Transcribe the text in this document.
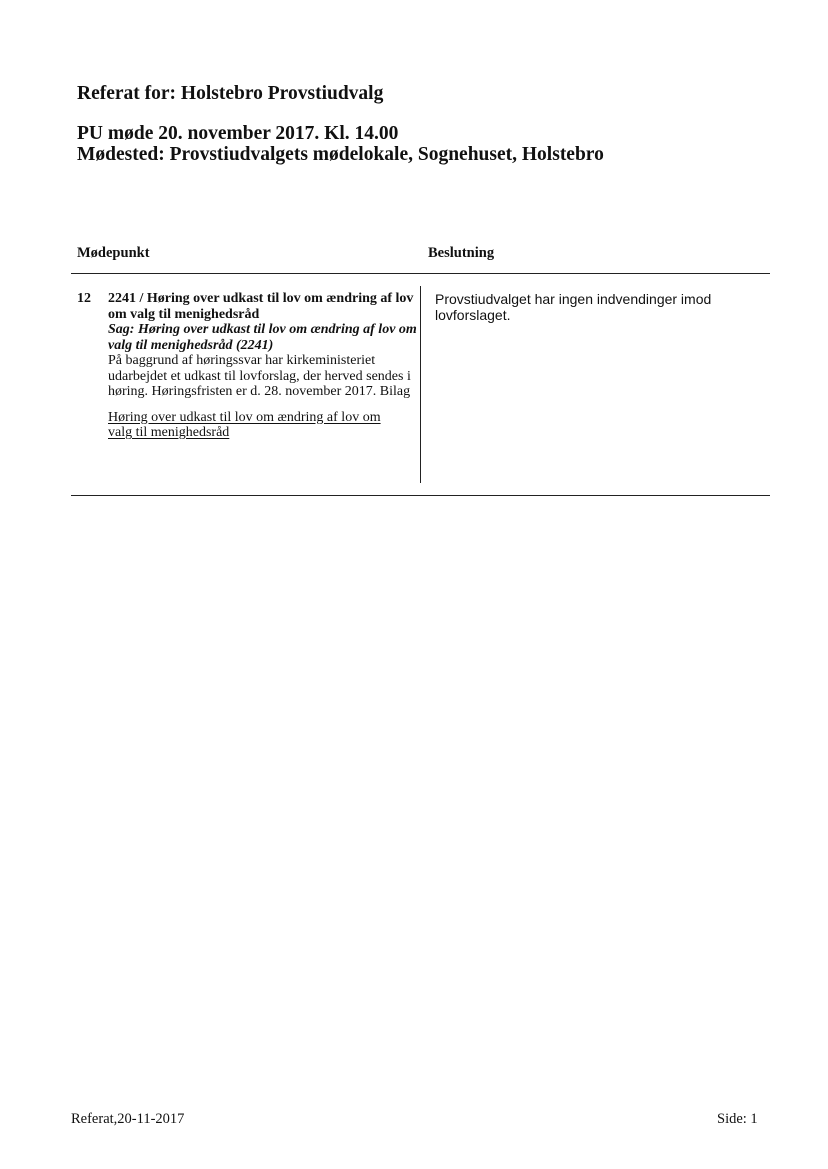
Referat for: Holstebro Provstiudvalg
PU møde 20. november 2017. Kl. 14.00
Mødested: Provstiudvalgets mødelokale, Sognehuset, Holstebro
Mødepunkt	Beslutning
12 2241 / Høring over udkast til lov om ændring af lov om valg til menighedsråd
Sag: Høring over udkast til lov om ændring af lov om valg til menighedsråd (2241)
På baggrund af høringssvar har kirkeministeriet udarbejdet et udkast til lovforslag, der herved sendes i høring. Høringsfristen er d. 28. november 2017. Bilag
Høring over udkast til lov om ændring af lov om valg til menighedsråd
Provstiudvalget har ingen indvendinger imod lovforslaget.
Referat,20-11-2017	Side: 1
